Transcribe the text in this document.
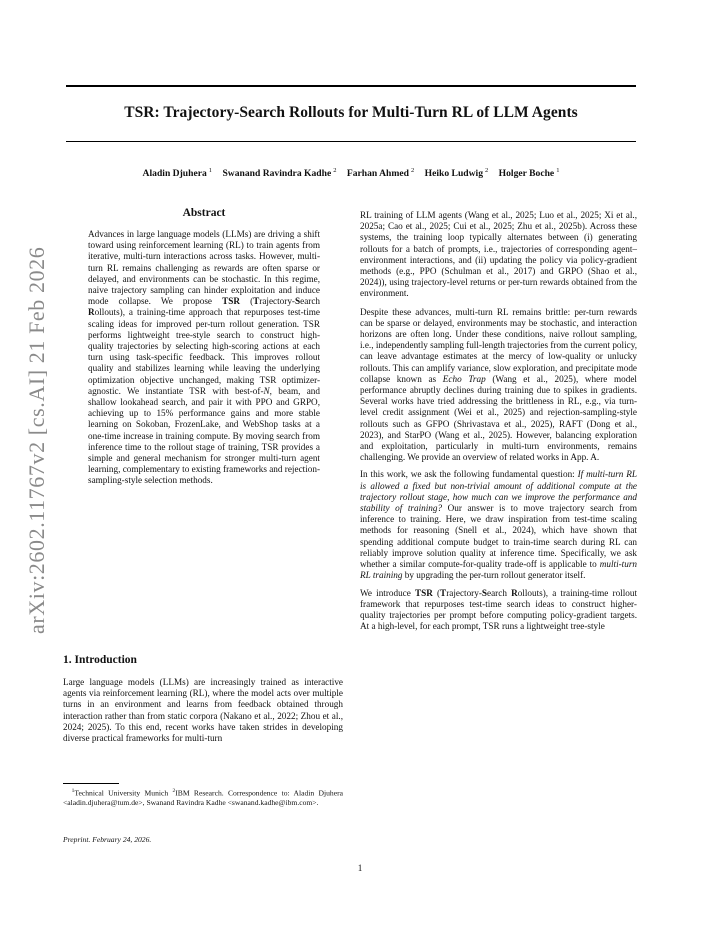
TSR: Trajectory-Search Rollouts for Multi-Turn RL of LLM Agents
Aladin Djuhera $^1$ Swanand Ravindra Kadhe $^2$ Farhan Ahmed $^2$ Heiko Ludwig $^2$ Holger Boche $^1$
arXiv:2602.11767v2 [cs.AI] 21 Feb 2026
Abstract
Advances in large language models (LLMs) are driving a shift toward using reinforcement learning (RL) to train agents from iterative, multi-turn interactions across tasks. However, multi-turn RL remains challenging as rewards are often sparse or delayed, and environments can be stochastic. In this regime, naive trajectory sampling can hinder exploitation and induce mode collapse. We propose TSR (Trajectory-Search Rollouts), a training-time approach that repurposes test-time scaling ideas for improved per-turn rollout generation. TSR performs lightweight tree-style search to construct high-quality trajectories by selecting high-scoring actions at each turn using task-specific feedback. This improves rollout quality and stabilizes learning while leaving the underlying optimization objective unchanged, making TSR optimizer-agnostic. We instantiate TSR with best-of-N, beam, and shallow lookahead search, and pair it with PPO and GRPO, achieving up to 15% performance gains and more stable learning on Sokoban, FrozenLake, and WebShop tasks at a one-time increase in training compute. By moving search from inference time to the rollout stage of training, TSR provides a simple and general mechanism for stronger multi-turn agent learning, complementary to existing frameworks and rejection-sampling-style selection methods.
1. Introduction
Large language models (LLMs) are increasingly trained as interactive agents via reinforcement learning (RL), where the model acts over multiple turns in an environment and learns from feedback obtained through interaction rather than from static corpora (Nakano et al., 2022; Zhou et al., 2024; 2025). To this end, recent works have taken strides in developing diverse practical frameworks for multi-turn
$^1$Technical University Munich $^2$IBM Research. Correspondence to: Aladin Djuhera <aladin.djuhera@tum.de>, Swanand Ravindra Kadhe <swanand.kadhe@ibm.com>.
Preprint. February 24, 2026.

RL training of LLM agents (Wang et al., 2025; Luo et al., 2025; Xi et al., 2025a; Cao et al., 2025; Cui et al., 2025; Zhu et al., 2025b). Across these systems, the training loop typically alternates between (i) generating rollouts for a batch of prompts, i.e., trajectories of corresponding agent–environment interactions, and (ii) updating the policy via policy-gradient methods (e.g., PPO (Schulman et al., 2017) and GRPO (Shao et al., 2024)), using trajectory-level returns or per-turn rewards obtained from the environment.

Despite these advances, multi-turn RL remains brittle: per-turn rewards can be sparse or delayed, environments may be stochastic, and interaction horizons are often long. Under these conditions, naive rollout sampling, i.e., independently sampling full-length trajectories from the current policy, can leave advantage estimates at the mercy of low-quality or unlucky rollouts. This can amplify variance, slow exploration, and precipitate mode collapse known as Echo Trap (Wang et al., 2025), where model performance abruptly declines during training due to spikes in gradients. Several works have tried addressing the brittleness in RL, e.g., via turn-level credit assignment (Wei et al., 2025) and rejection-sampling-style rollouts such as GFPO (Shrivastava et al., 2025), RAFT (Dong et al., 2023), and StarPO (Wang et al., 2025). However, balancing exploration and exploitation, particularly in multi-turn environments, remains challenging. We provide an overview of related works in App. A.

In this work, we ask the following fundamental question: If multi-turn RL is allowed a fixed but non-trivial amount of additional compute at the trajectory rollout stage, how much can we improve the performance and stability of training? Our answer is to move trajectory search from inference to training. Here, we draw inspiration from test-time scaling methods for reasoning (Snell et al., 2024), which have shown that spending additional compute budget to train-time search during RL can reliably improve solution quality at inference time. Specifically, we ask whether a similar compute-for-quality trade-off is applicable to multi-turn RL training by upgrading the per-turn rollout generator itself.

We introduce TSR (Trajectory-Search Rollouts), a training-time rollout framework that repurposes test-time search ideas to construct higher-quality trajectories per prompt before computing policy-gradient targets. At a high-level, for each prompt, TSR runs a lightweight tree-style

1
